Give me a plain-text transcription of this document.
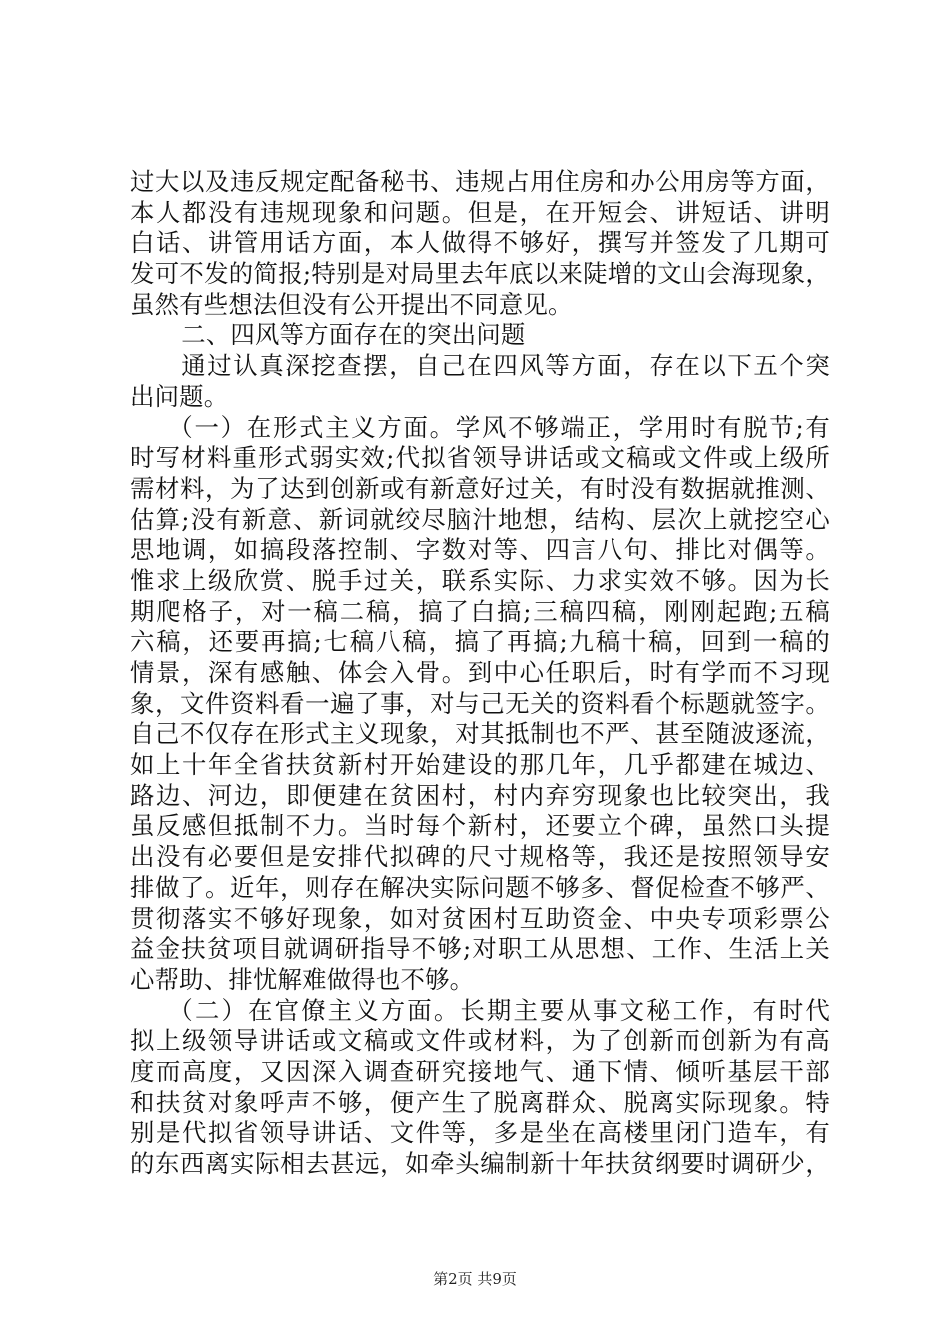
过大以及违反规定配备秘书、违规占用住房和办公用房等方面，
本人都没有违规现象和问题。但是，在开短会、讲短话、讲明
白话、讲管用话方面，本人做得不够好，撰写并签发了几期可
发可不发的简报;特别是对局里去年底以来陡增的文山会海现象，
虽然有些想法但没有公开提出不同意见。
二、四风等方面存在的突出问题
通过认真深挖查摆，自己在四风等方面，存在以下五个突
出问题。
（一）在形式主义方面。学风不够端正，学用时有脱节;有
时写材料重形式弱实效;代拟省领导讲话或文稿或文件或上级所
需材料，为了达到创新或有新意好过关，有时没有数据就推测、
估算;没有新意、新词就绞尽脑汁地想，结构、层次上就挖空心
思地调，如搞段落控制、字数对等、四言八句、排比对偶等。
惟求上级欣赏、脱手过关，联系实际、力求实效不够。因为长
期爬格子，对一稿二稿，搞了白搞;三稿四稿，刚刚起跑;五稿
六稿，还要再搞;七稿八稿，搞了再搞;九稿十稿，回到一稿的
情景，深有感触、体会入骨。到中心任职后，时有学而不习现
象，文件资料看一遍了事，对与己无关的资料看个标题就签字。
自己不仅存在形式主义现象，对其抵制也不严、甚至随波逐流，
如上十年全省扶贫新村开始建设的那几年，几乎都建在城边、
路边、河边，即便建在贫困村，村内弃穷现象也比较突出，我
虽反感但抵制不力。当时每个新村，还要立个碑，虽然口头提
出没有必要但是安排代拟碑的尺寸规格等，我还是按照领导安
排做了。近年，则存在解决实际问题不够多、督促检查不够严、
贯彻落实不够好现象，如对贫困村互助资金、中央专项彩票公
益金扶贫项目就调研指导不够;对职工从思想、工作、生活上关
心帮助、排忧解难做得也不够。
（二）在官僚主义方面。长期主要从事文秘工作，有时代
拟上级领导讲话或文稿或文件或材料，为了创新而创新为有高
度而高度，又因深入调查研究接地气、通下情、倾听基层干部
和扶贫对象呼声不够，便产生了脱离群众、脱离实际现象。特
别是代拟省领导讲话、文件等，多是坐在高楼里闭门造车，有
的东西离实际相去甚远，如牵头编制新十年扶贫纲要时调研少，
第2页 共9页
